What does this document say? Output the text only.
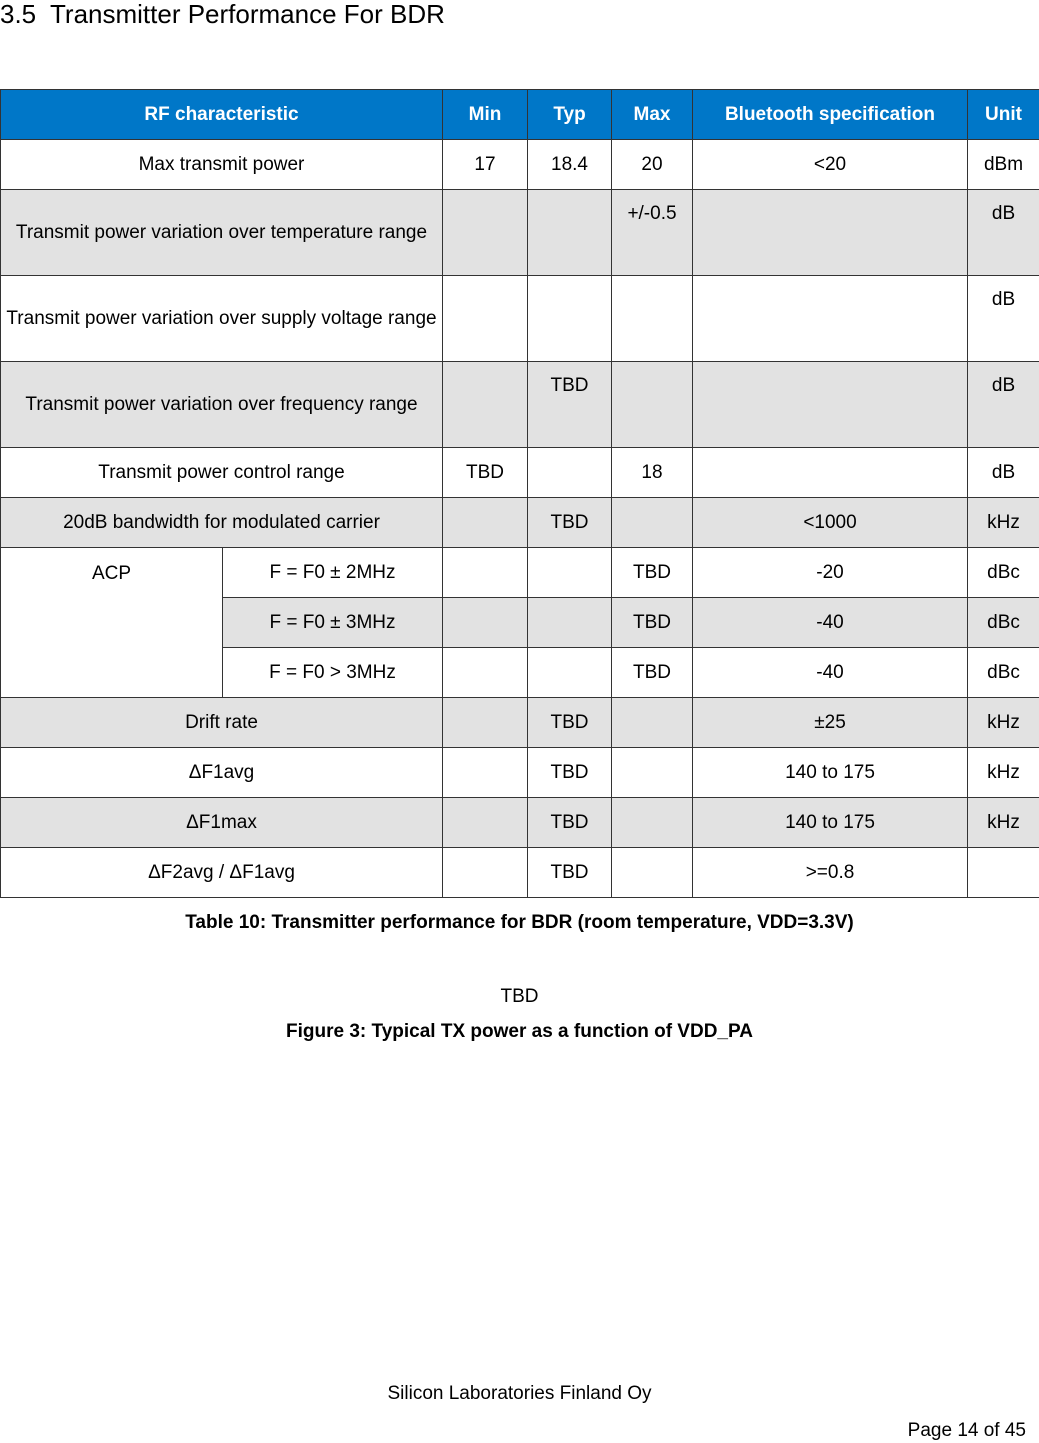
3.5 Transmitter Performance For BDR
RF characteristic		Min	Typ	Max	Bluetooth specification	Unit
Max transmit power		17	18.4	20	<20	dBm
Transmit power variation over temperature range				+/-0.5		dB
Transmit power variation over supply voltage range						dB
Transmit power variation over frequency range			TBD			dB
Transmit power control range		TBD		18		dB
20dB bandwidth for modulated carrier			TBD		<1000	kHz
ACP	F = F0 ± 2MHz			TBD	-20	dBc
	F = F0 ± 3MHz			TBD	-40	dBc
	F = F0 > 3MHz			TBD	-40	dBc
Drift rate			TBD		±25	kHz
ΔF1avg			TBD		140 to 175	kHz
ΔF1max			TBD		140 to 175	kHz
ΔF2avg / ΔF1avg			TBD		>=0.8	
Table 10: Transmitter performance for BDR (room temperature, VDD=3.3V)
TBD
Figure 3: Typical TX power as a function of VDD_PA
Silicon Laboratories Finland Oy
Page 14 of 45
